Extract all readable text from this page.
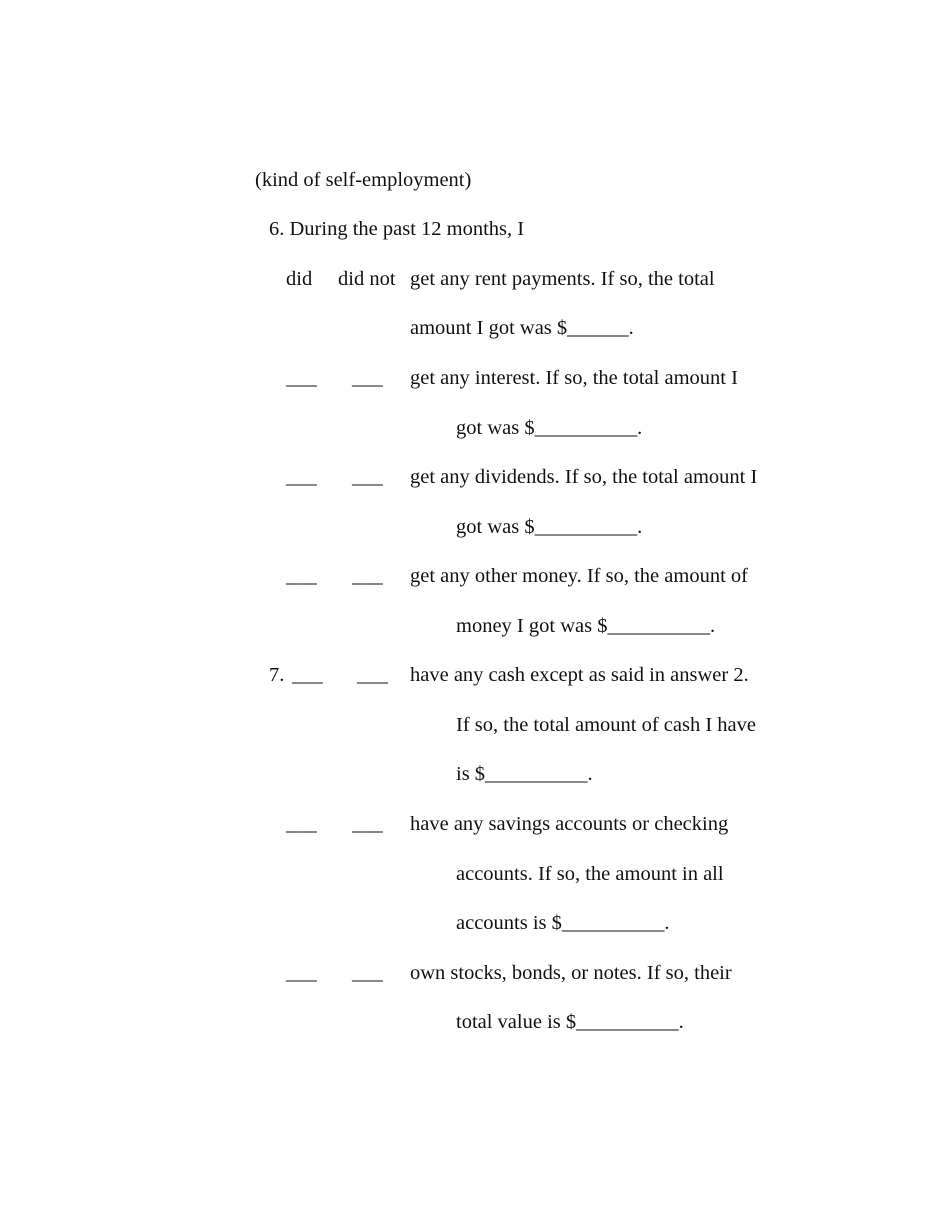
(kind of self-employment)
6. During the past 12 months, I
did did not get any rent payments. If so, the total
amount I got was $______.
___ ___ get any interest. If so, the total amount I
got was $__________.
___ ___ get any dividends. If so, the total amount I
got was $__________.
___ ___ get any other money. If so, the amount of
money I got was $__________.
7. ___ ___ have any cash except as said in answer 2.
If so, the total amount of cash I have
is $__________.
___ ___ have any savings accounts or checking
accounts. If so, the amount in all
accounts is $__________.
___ ___ own stocks, bonds, or notes. If so, their
total value is $__________.
